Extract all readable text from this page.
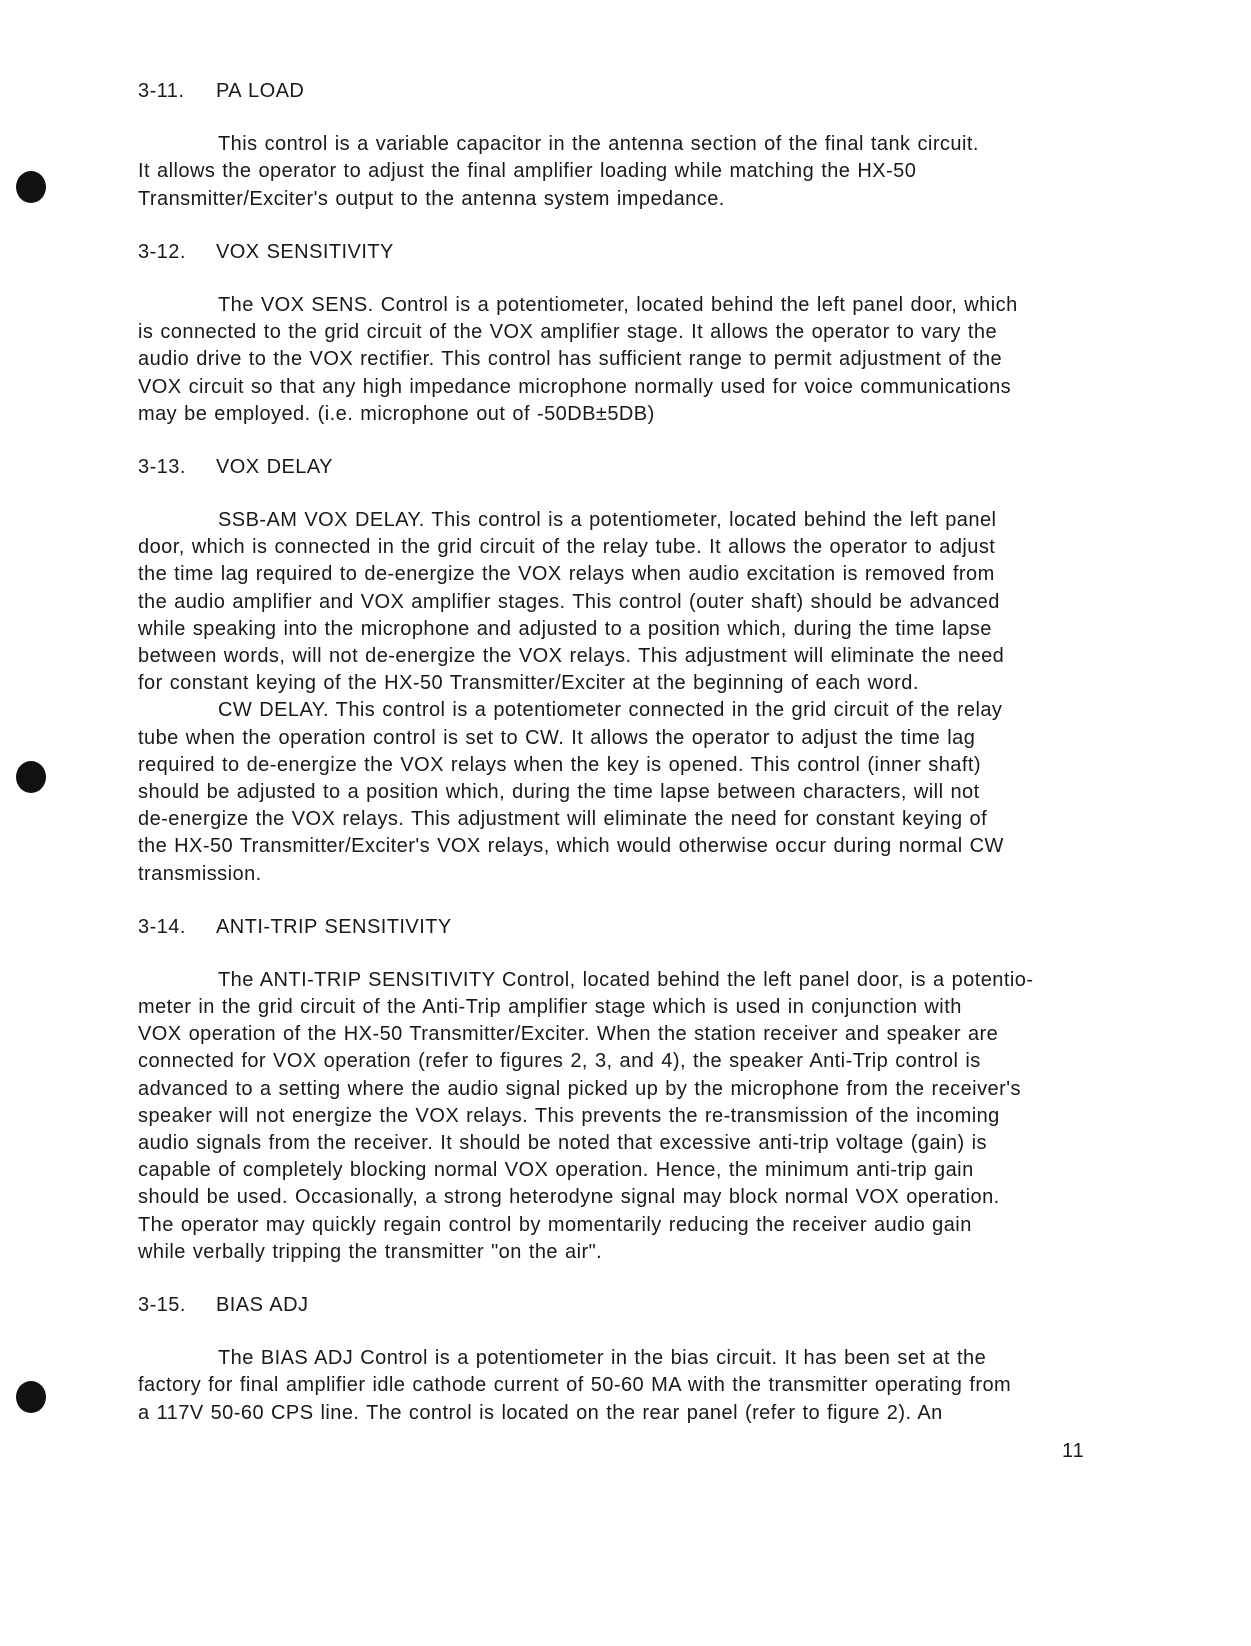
3-11. PA LOAD
This control is a variable capacitor in the antenna section of the final tank circuit.
It allows the operator to adjust the final amplifier loading while matching the HX-50
Transmitter/Exciter's output to the antenna system impedance.
3-12. VOX SENSITIVITY
The VOX SENS. Control is a potentiometer, located behind the left panel door, which
is connected to the grid circuit of the VOX amplifier stage. It allows the operator to vary the
audio drive to the VOX rectifier. This control has sufficient range to permit adjustment of the
VOX circuit so that any high impedance microphone normally used for voice communications
may be employed. (i.e. microphone out of -50DB±5DB)
3-13. VOX DELAY
SSB-AM VOX DELAY. This control is a potentiometer, located behind the left panel
door, which is connected in the grid circuit of the relay tube. It allows the operator to adjust
the time lag required to de-energize the VOX relays when audio excitation is removed from
the audio amplifier and VOX amplifier stages. This control (outer shaft) should be advanced
while speaking into the microphone and adjusted to a position which, during the time lapse
between words, will not de-energize the VOX relays. This adjustment will eliminate the need
for constant keying of the HX-50 Transmitter/Exciter at the beginning of each word.
CW DELAY. This control is a potentiometer connected in the grid circuit of the relay
tube when the operation control is set to CW. It allows the operator to adjust the time lag
required to de-energize the VOX relays when the key is opened. This control (inner shaft)
should be adjusted to a position which, during the time lapse between characters, will not
de-energize the VOX relays. This adjustment will eliminate the need for constant keying of
the HX-50 Transmitter/Exciter's VOX relays, which would otherwise occur during normal CW
transmission.
3-14. ANTI-TRIP SENSITIVITY
The ANTI-TRIP SENSITIVITY Control, located behind the left panel door, is a potentio-
meter in the grid circuit of the Anti-Trip amplifier stage which is used in conjunction with
VOX operation of the HX-50 Transmitter/Exciter. When the station receiver and speaker are
connected for VOX operation (refer to figures 2, 3, and 4), the speaker Anti-Trip control is
advanced to a setting where the audio signal picked up by the microphone from the receiver's
speaker will not energize the VOX relays. This prevents the re-transmission of the incoming
audio signals from the receiver. It should be noted that excessive anti-trip voltage (gain) is
capable of completely blocking normal VOX operation. Hence, the minimum anti-trip gain
should be used. Occasionally, a strong heterodyne signal may block normal VOX operation.
The operator may quickly regain control by momentarily reducing the receiver audio gain
while verbally tripping the transmitter "on the air".
3-15. BIAS ADJ
The BIAS ADJ Control is a potentiometer in the bias circuit. It has been set at the
factory for final amplifier idle cathode current of 50-60 MA with the transmitter operating from
a 117V 50-60 CPS line. The control is located on the rear panel (refer to figure 2). An
11
